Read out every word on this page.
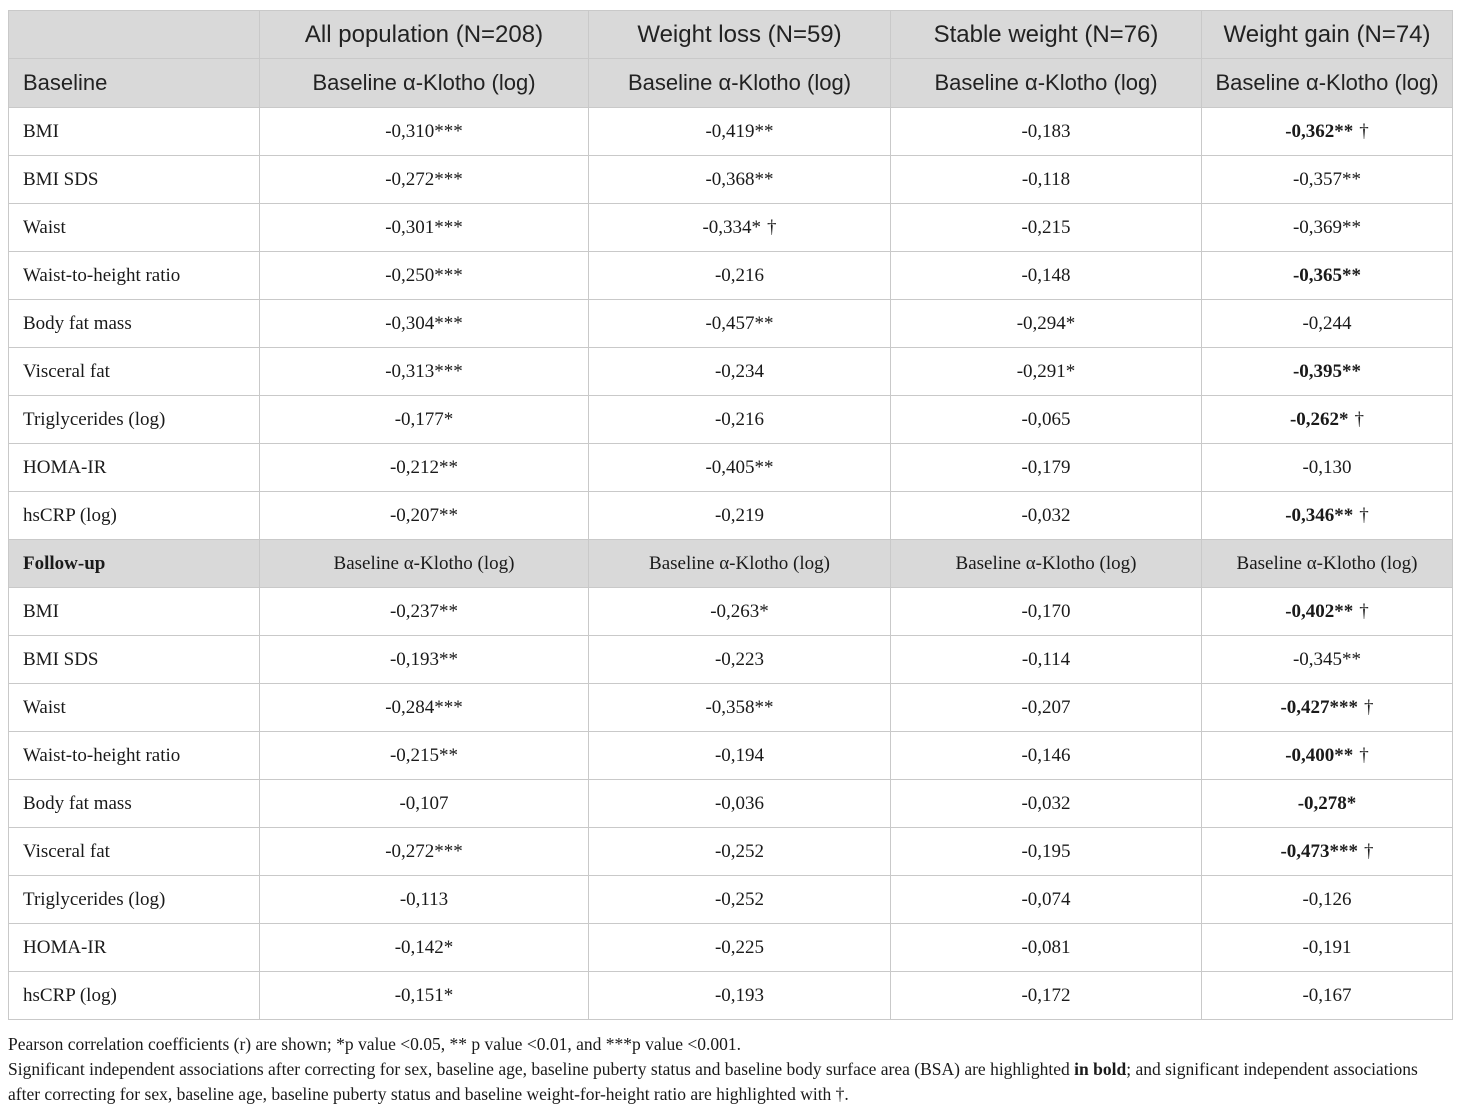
	All population (N=208)	Weight loss (N=59)	Stable weight (N=76)	Weight gain (N=74)
Baseline	Baseline α-Klotho (log)	Baseline α-Klotho (log)	Baseline α-Klotho (log)	Baseline α-Klotho (log)
BMI	-0,310***	-0,419**	-0,183	-0,362** †
BMI SDS	-0,272***	-0,368**	-0,118	-0,357**
Waist	-0,301***	-0,334* †	-0,215	-0,369**
Waist-to-height ratio	-0,250***	-0,216	-0,148	-0,365**
Body fat mass	-0,304***	-0,457**	-0,294*	-0,244
Visceral fat	-0,313***	-0,234	-0,291*	-0,395**
Triglycerides (log)	-0,177*	-0,216	-0,065	-0,262* †
HOMA-IR	-0,212**	-0,405**	-0,179	-0,130
hsCRP (log)	-0,207**	-0,219	-0,032	-0,346** †
Follow-up	Baseline α-Klotho (log)	Baseline α-Klotho (log)	Baseline α-Klotho (log)	Baseline α-Klotho (log)
BMI	-0,237**	-0,263*	-0,170	-0,402** †
BMI SDS	-0,193**	-0,223	-0,114	-0,345**
Waist	-0,284***	-0,358**	-0,207	-0,427*** †
Waist-to-height ratio	-0,215**	-0,194	-0,146	-0,400** †
Body fat mass	-0,107	-0,036	-0,032	-0,278*
Visceral fat	-0,272***	-0,252	-0,195	-0,473*** †
Triglycerides (log)	-0,113	-0,252	-0,074	-0,126
HOMA-IR	-0,142*	-0,225	-0,081	-0,191
hsCRP (log)	-0,151*	-0,193	-0,172	-0,167

Pearson correlation coefficients (r) are shown; *p value <0.05, ** p value <0.01, and ***p value <0.001.

Significant independent associations after correcting for sex, baseline age, baseline puberty status and baseline body surface area (BSA) are highlighted in bold; and significant independent associations after correcting for sex, baseline age, baseline puberty status and baseline weight-for-height ratio are highlighted with †.
